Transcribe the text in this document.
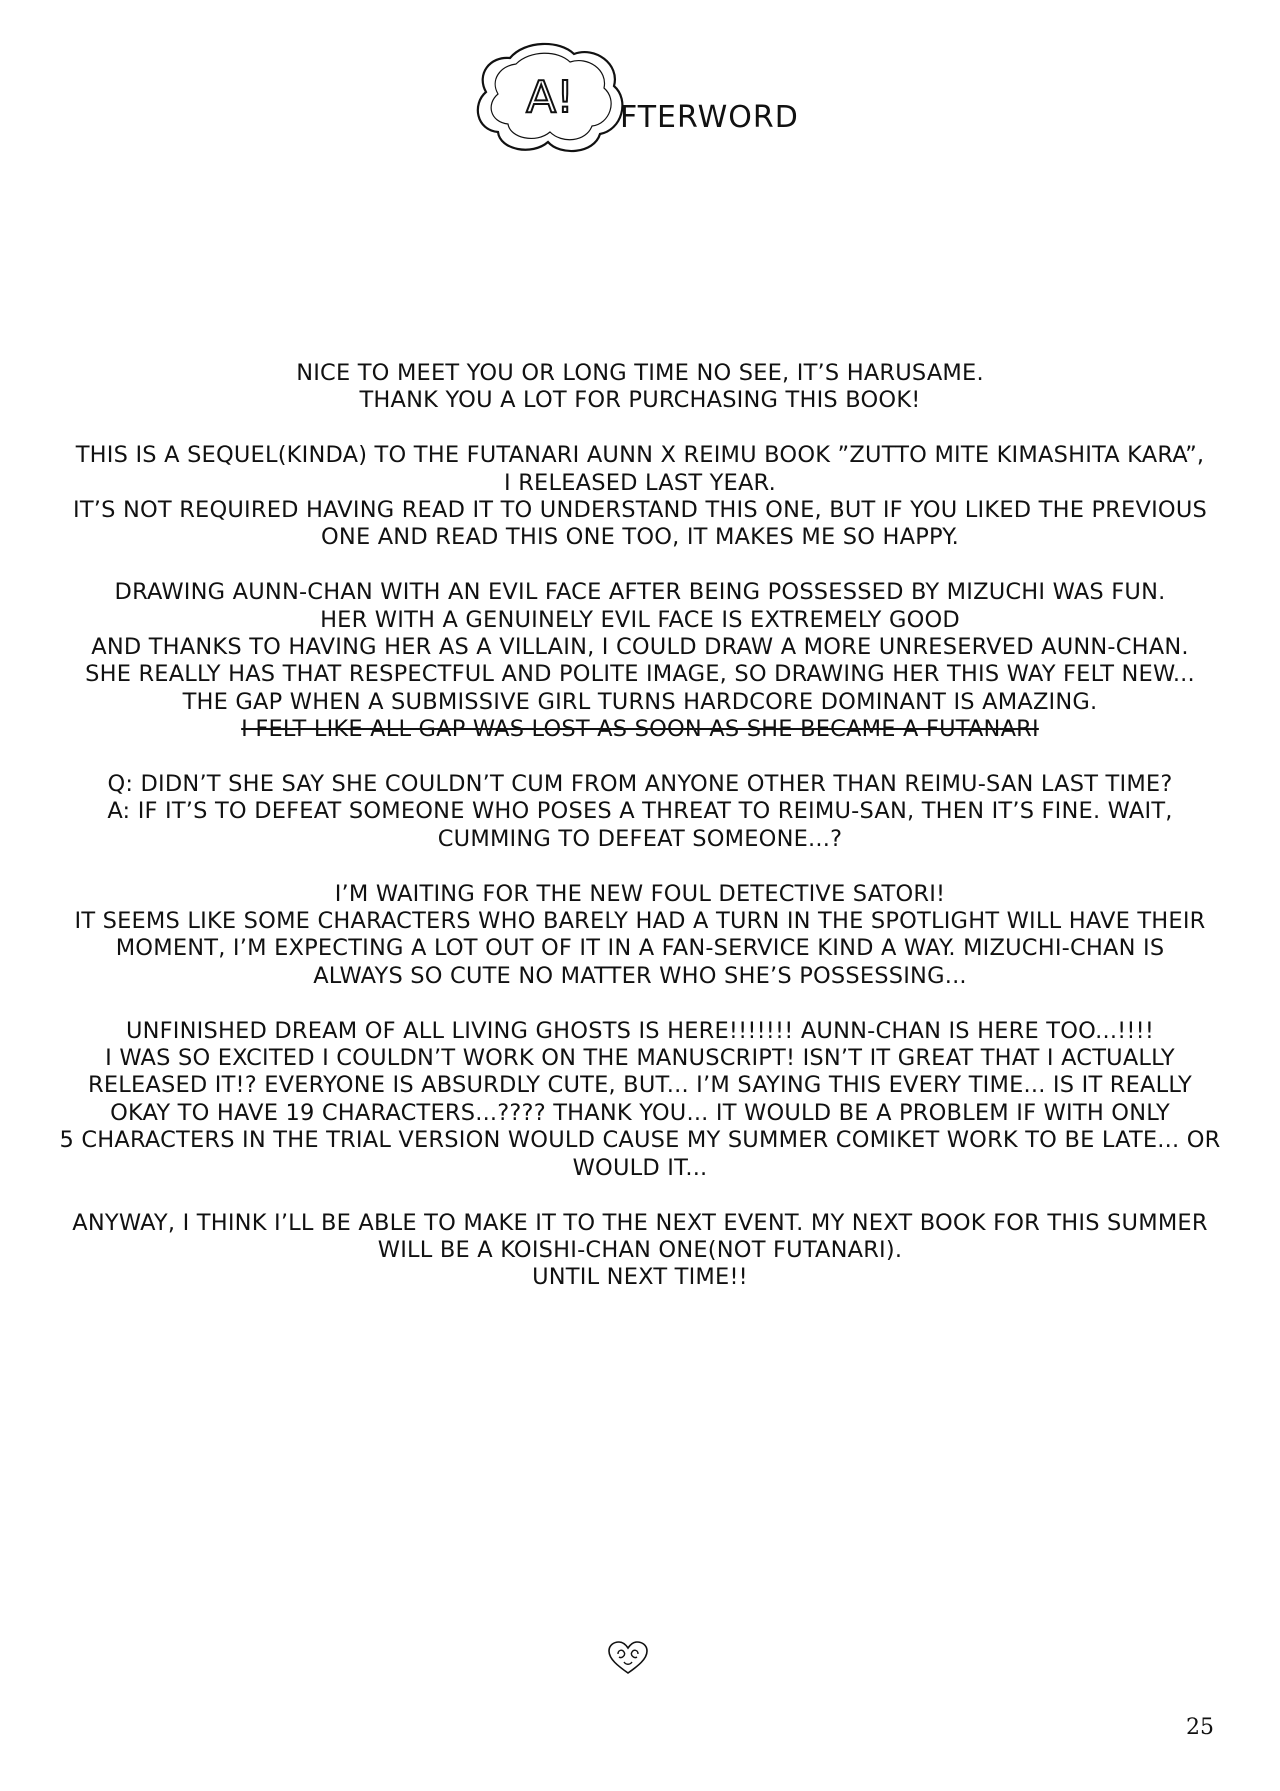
A! FTERWORD
NICE TO MEET YOU OR LONG TIME NO SEE, IT’S HARUSAME.
THANK YOU A LOT FOR PURCHASING THIS BOOK!
THIS IS A SEQUEL(KINDA) TO THE FUTANARI AUNN X REIMU BOOK ”ZUTTO MITE KIMASHITA KARA”,
I RELEASED LAST YEAR.
IT’S NOT REQUIRED HAVING READ IT TO UNDERSTAND THIS ONE, BUT IF YOU LIKED THE PREVIOUS
ONE AND READ THIS ONE TOO, IT MAKES ME SO HAPPY.
DRAWING AUNN-CHAN WITH AN EVIL FACE AFTER BEING POSSESSED BY MIZUCHI WAS FUN.
HER WITH A GENUINELY EVIL FACE IS EXTREMELY GOOD
AND THANKS TO HAVING HER AS A VILLAIN, I COULD DRAW A MORE UNRESERVED AUNN-CHAN.
SHE REALLY HAS THAT RESPECTFUL AND POLITE IMAGE, SO DRAWING HER THIS WAY FELT NEW...
THE GAP WHEN A SUBMISSIVE GIRL TURNS HARDCORE DOMINANT IS AMAZING.
I FELT LIKE ALL GAP WAS LOST AS SOON AS SHE BECAME A FUTANARI
Q: DIDN’T SHE SAY SHE COULDN’T CUM FROM ANYONE OTHER THAN REIMU-SAN LAST TIME?
A: IF IT’S TO DEFEAT SOMEONE WHO POSES A THREAT TO REIMU-SAN, THEN IT’S FINE. WAIT,
CUMMING TO DEFEAT SOMEONE...?
I’M WAITING FOR THE NEW FOUL DETECTIVE SATORI!
IT SEEMS LIKE SOME CHARACTERS WHO BARELY HAD A TURN IN THE SPOTLIGHT WILL HAVE THEIR
MOMENT, I’M EXPECTING A LOT OUT OF IT IN A FAN-SERVICE KIND A WAY. MIZUCHI-CHAN IS
ALWAYS SO CUTE NO MATTER WHO SHE’S POSSESSING...
UNFINISHED DREAM OF ALL LIVING GHOSTS IS HERE!!!!!!! AUNN-CHAN IS HERE TOO...!!!!
I WAS SO EXCITED I COULDN’T WORK ON THE MANUSCRIPT! ISN’T IT GREAT THAT I ACTUALLY
RELEASED IT!? EVERYONE IS ABSURDLY CUTE, BUT... I’M SAYING THIS EVERY TIME... IS IT REALLY
OKAY TO HAVE 19 CHARACTERS...???? THANK YOU... IT WOULD BE A PROBLEM IF WITH ONLY
5 CHARACTERS IN THE TRIAL VERSION WOULD CAUSE MY SUMMER COMIKET WORK TO BE LATE... OR
WOULD IT...
ANYWAY, I THINK I’LL BE ABLE TO MAKE IT TO THE NEXT EVENT. MY NEXT BOOK FOR THIS SUMMER
WILL BE A KOISHI-CHAN ONE(NOT FUTANARI).
UNTIL NEXT TIME!!
25
